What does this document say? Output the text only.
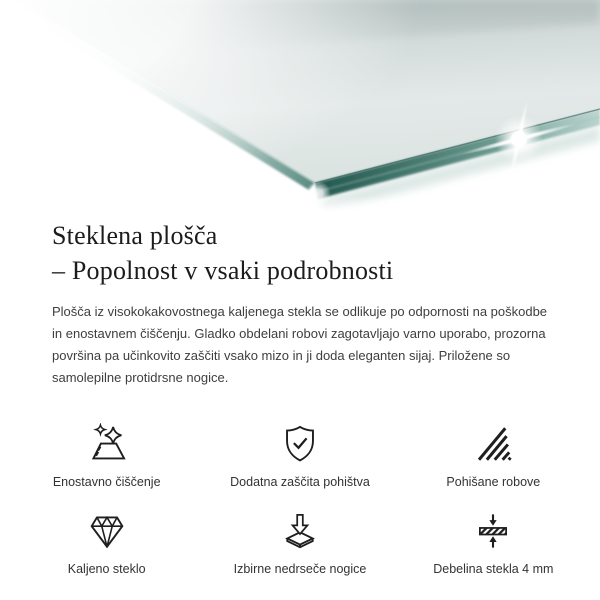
Steklena plošča
– Popolnost v vsaki podrobnosti

Plošča iz visokokakovostnega kaljenega stekla se odlikuje po odpornosti na poškodbe in enostavnem čiščenju. Gladko obdelani robovi zagotavljajo varno uporabo, prozorna površina pa učinkovito zaščiti vsako mizo in ji doda eleganten sijaj. Priložene so samolepilne protidrsne nogice.

Enostavno čiščenje	Dodatna zaščita pohištva	Pohišane robove
Kaljeno steklo	Izbirne nedrseče nogice	Debelina stekla 4 mm
